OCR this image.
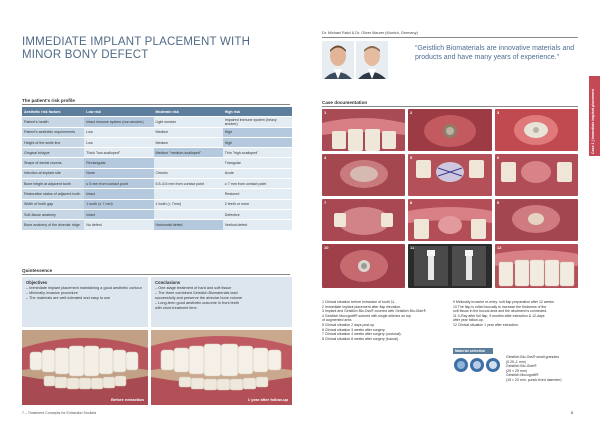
IMMEDIATE IMPLANT PLACEMENT WITH
MINOR BONY DEFECT
The patient's risk profile
Aesthetic risk factors	Low risk	Moderate risk	High risk
Patient's health	Intact immune system (non-smoker)	Light smoker	Impaired immune system (heavy smoker)
Patient's aesthetic requirements	Low	Medium	High
Height of the smile line	Low	Medium	High
Gingival biotype	Thick "low-scalloped"	Medium "medium-scalloped"	Thin "high-scalloped"
Shape of dental crowns	Rectangular		Triangular
Infection at implant site	None	Chronic	Acute
Bone height at adjacent tooth	≤ 5 mm from contact point	5.5–6.5 mm from contact point	≥ 7 mm from contact point
Restorative status of adjacent tooth	Intact		Restored
Width of tooth gap	1 tooth (≥ 7 mm)	1 tooth (< 7mm)	2 teeth or more
Soft-tissue anatomy	Intact		Defective
Bone anatomy of the alveolar ridge	No defect	Horizontal defect	Vertical defect
Quintessence
Objectives
– Immediate implant placement maintaining a good aesthetic contour
– Minimally invasive procedure
– The materials are well-tolerated and easy to use
Conclusions
– One-stage treatment of hard and soft tissue
– The three combined Geistlich Biomaterials lead
successfully and preserve the alveolar bone volume
– Long-term good aesthetic outcome in front teeth
with short treatment time.
Before extraction	1 year after follow-up
7 – Treatment Concepts for Extraction Sockets
Dr. Michael Ratzl & Dr. Oliver Maurer (Munich, Germany)
“Geistlich Biomaterials are innovative materials and products and have many years of experience.”
Case 1 | Immediate implant placement
Case documentation
1	2	3
4	5	6
7	8	9
10	11	12
1 Clinical situation before extraction of tooth 11.
2 Immediate implant placement after flap elevation.
3 Implant and Geistlich Bio-Oss® covered with Geistlich Bio-Gide®.
4 Geistlich Mucograft® sutured with single stitches on top
of augmented area.
5 Clinical situation 2 days post-op.
6 Clinical situation 3 weeks after surgery.
7 Clinical situation 4 weeks after surgery (occlusal).
8 Clinical situation 8 weeks after surgery (buccal).
9 Minimally invasive re-entry: soft flap preparation after 12 weeks.
10 The flap is rolled buccally to increase the thickness of the
soft tissue in the buccal area and the abutment is connected.
11 X-Ray after full flap, 9 months after extraction & 12-days
after year follow-up.
12 Clinical situation 1 year after extraction.
Material selection
Geistlich Bio-Oss® small granules
(0.25–1 mm)
Geistlich Bio-Gide®
(25 × 25 mm)
Geistlich Mucograft®
(15 × 20 mm, punch-fixed diameter)
8
